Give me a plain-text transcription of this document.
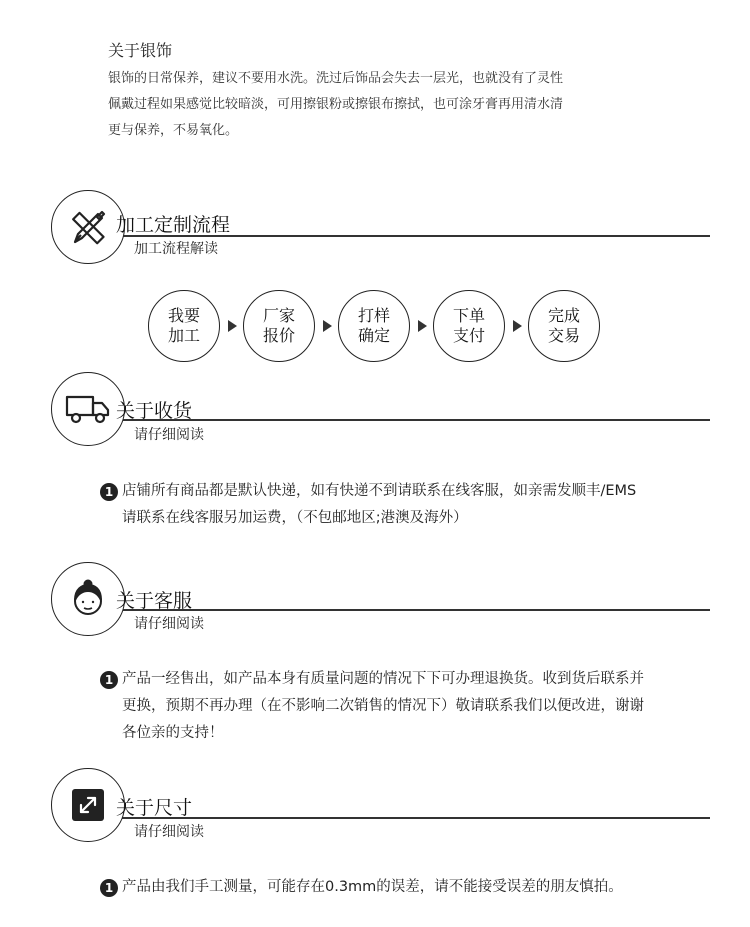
关于银饰
银饰的日常保养，建议不要用水洗。洗过后饰品会失去一层光，也就没有了灵性
佩戴过程如果感觉比较暗淡，可用擦银粉或擦银布擦拭，也可涂牙膏再用清水清
更与保养，不易氧化。
加工定制流程
加工流程解读
我要
加工
厂家
报价
打样
确定
下单
支付
完成
交易
关于收货
请仔细阅读
1 店铺所有商品都是默认快递，如有快递不到请联系在线客服，如亲需发顺丰/EMS
请联系在线客服另加运费，（不包邮地区;港澳及海外）
关于客服
请仔细阅读
1 产品一经售出，如产品本身有质量问题的情况下下可办理退换货。收到货后联系并
更换，预期不再办理（在不影响二次销售的情况下）敬请联系我们以便改进，谢谢
各位亲的支持！
关于尺寸
请仔细阅读
1 产品由我们手工测量，可能存在0.3mm的误差，请不能接受误差的朋友慎拍。
